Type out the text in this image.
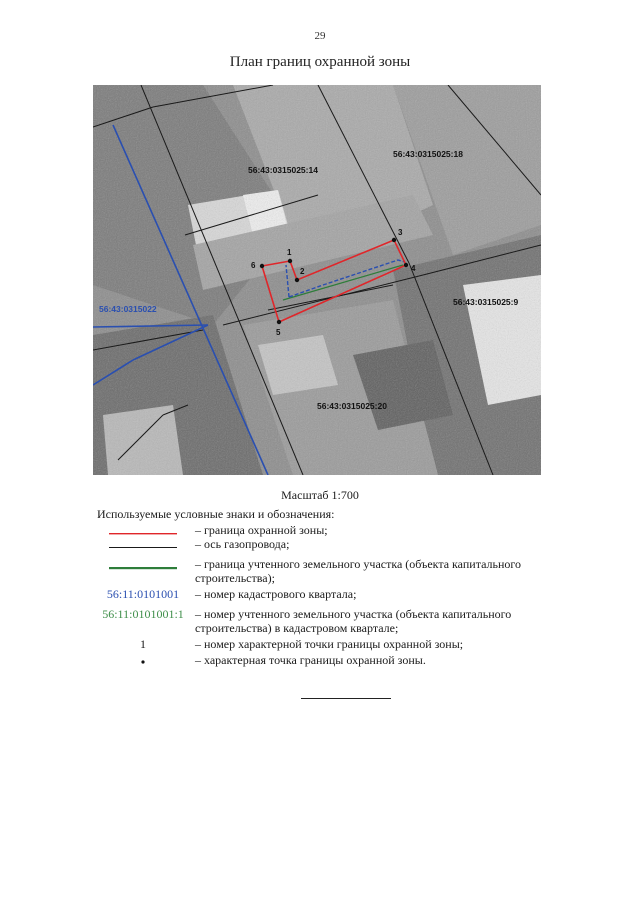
29
План границ охранной зоны
1
2
3
4
5
6
56:43:0315025:14
56:43:0315025:18
56:43:0315022
56:43:0315025:9
56:43:0315025:20
Масштаб 1:700
Используемые условные знаки и обозначения:
– граница охранной зоны;
– ось газопровода;
– граница учтенного земельного участка (объекта капитального строительства);
56:11:0101001	– номер кадастрового квартала;
56:11:0101001:1 – номер учтенного земельного участка (объекта капитального строительства) в кадастровом квартале;
1	– номер характерной точки границы охранной зоны;
– характерная точка границы охранной зоны.
